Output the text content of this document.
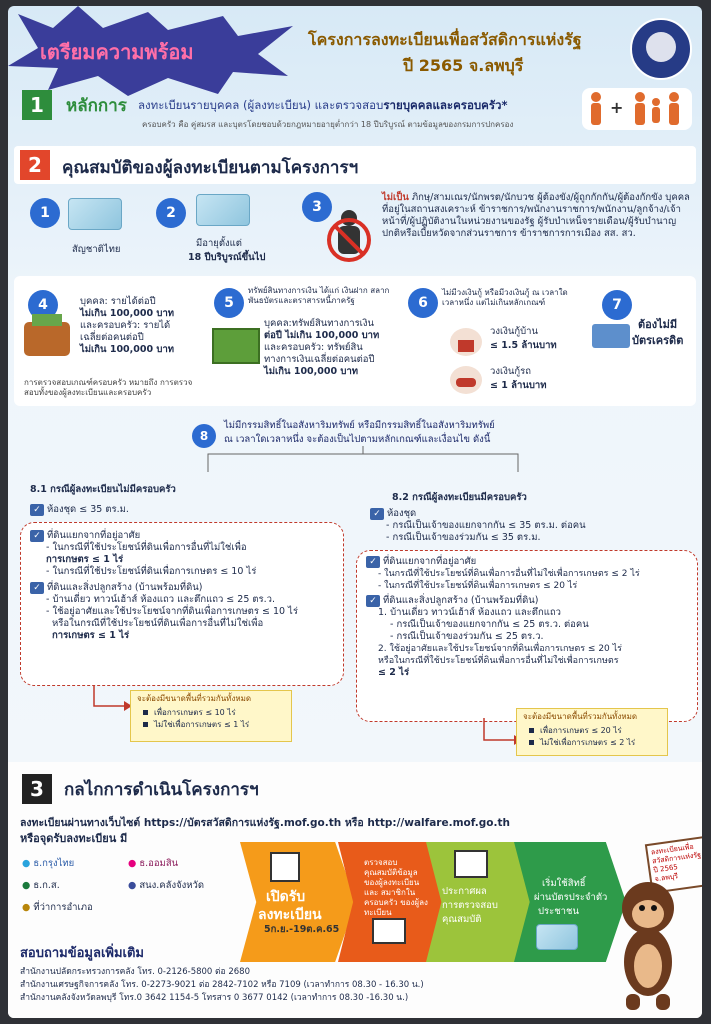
เตรียมความพร้อม
โครงการลงทะเบียนเพื่อสวัสดิการแห่งรัฐ
ปี 2565 จ.ลพบุรี
1	หลักการ ลงทะเบียนรายบุคคล (ผู้ลงทะเบียน) และตรวจสอบรายบุคคลและครอบครัว*
ครอบครัว คือ คู่สมรส และบุตรโดยชอบด้วยกฎหมายอายุต่ำกว่า 18 ปีบริบูรณ์ ตามข้อมูลของกรมการปกครอง
+
2	คุณสมบัติของผู้ลงทะเบียนตามโครงการฯ
1
สัญชาติไทย
2
มีอายุตั้งแต่
18 ปีบริบูรณ์ขึ้นไป
3
ไม่เป็น ภิกษุ/สามเณร/นักพรต/นักบวช ผู้ต้องขัง/ผู้ถูกกักกัน/ผู้ต้องกักขัง บุคคลที่อยู่ในสถานสงเคราะห์ ข้าราชการ/พนักงานราชการ/พนักงาน/ลูกจ้าง/เจ้าหน้าที่/ผู้ปฏิบัติงานในหน่วยงานของรัฐ ผู้รับบำเหน็จรายเดือน/ผู้รับบำนาญปกติหรือเบี้ยหวัดจากส่วนราชการ ข้าราชการการเมือง สส. สว.
4	บุคคล: รายได้ต่อปี
ไม่เกิน 100,000 บาท
และครอบครัว: รายได้
เฉลี่ยต่อคนต่อปี
ไม่เกิน 100,000 บาท
การตรวจสอบเกณฑ์ครอบครัว หมายถึง การตรวจสอบทั้งของผู้ลงทะเบียนและครอบครัว
5
ทรัพย์สินทางการเงิน ได้แก่ เงินฝาก สลาก พันธบัตรและตราสารหนี้ภาครัฐ
บุคคล:ทรัพย์สินทางการเงิน
ต่อปี ไม่เกิน 100,000 บาท
และครอบครัว: ทรัพย์สิน
ทางการเงินเฉลี่ยต่อคนต่อปี
ไม่เกิน 100,000 บาท
6
ไม่มีวงเงินกู้ หรือมีวงเงินกู้ ณ เวลาใดเวลาหนึ่ง แต่ไม่เกินหลักเกณฑ์
วงเงินกู้บ้าน
≤ 1.5 ล้านบาท
วงเงินกู้รถ
≤ 1 ล้านบาท
7
ต้องไม่มี
บัตรเครดิต
8
ไม่มีกรรมสิทธิ์ในอสังหาริมทรัพย์ หรือมีกรรมสิทธิ์ในอสังหาริมทรัพย์
ณ เวลาใดเวลาหนึ่ง จะต้องเป็นไปตามหลักเกณฑ์และเงื่อนไข ดังนี้
8.1 กรณีผู้ลงทะเบียนไม่มีครอบครัว
✓ ห้องชุด ≤ 35 ตร.ม.
✓ ที่ดินแยกจากที่อยู่อาศัย
- ในกรณีที่ใช้ประโยชน์ที่ดินเพื่อการอื่นที่ไม่ใช่เพื่อ
การเกษตร ≤ 1 ไร่
- ในกรณีที่ใช้ประโยชน์ที่ดินเพื่อการเกษตร ≤ 10 ไร่
✓ ที่ดินและสิ่งปลูกสร้าง (บ้านพร้อมที่ดิน)
- บ้านเดี่ยว ทาวน์เฮ้าส์ ห้องแถว และตึกแถว ≤ 25 ตร.ว.
- ใช้อยู่อาศัยและใช้ประโยชน์จากที่ดินเพื่อการเกษตร ≤ 10 ไร่
หรือในกรณีที่ใช้ประโยชน์ที่ดินเพื่อการอื่นที่ไม่ใช่เพื่อ
การเกษตร ≤ 1 ไร่
จะต้องมีขนาดพื้นที่รวมกันทั้งหมด
เพื่อการเกษตร ≤ 10 ไร่
ไม่ใช่เพื่อการเกษตร ≤ 1 ไร่
8.2 กรณีผู้ลงทะเบียนมีครอบครัว
✓ ห้องชุด
- กรณีเป็นเจ้าของแยกจากกัน ≤ 35 ตร.ม. ต่อคน
- กรณีเป็นเจ้าของร่วมกัน ≤ 35 ตร.ม.
✓ ที่ดินแยกจากที่อยู่อาศัย
- ในกรณีที่ใช้ประโยชน์ที่ดินเพื่อการอื่นที่ไม่ใช่เพื่อการเกษตร ≤ 2 ไร่
- ในกรณีที่ใช้ประโยชน์ที่ดินเพื่อการเกษตร ≤ 20 ไร่
✓ ที่ดินและสิ่งปลูกสร้าง (บ้านพร้อมที่ดิน)
1. บ้านเดี่ยว ทาวน์เฮ้าส์ ห้องแถว และตึกแถว
- กรณีเป็นเจ้าของแยกจากกัน ≤ 25 ตร.ว. ต่อคน
- กรณีเป็นเจ้าของร่วมกัน ≤ 25 ตร.ว.
2. ใช้อยู่อาศัยและใช้ประโยชน์จากที่ดินเพื่อการเกษตร ≤ 20 ไร่
หรือในกรณีที่ใช้ประโยชน์ที่ดินเพื่อการอื่นที่ไม่ใช่เพื่อการเกษตร
≤ 2 ไร่
จะต้องมีขนาดพื้นที่รวมกันทั้งหมด
เพื่อการเกษตร ≤ 20 ไร่
ไม่ใช่เพื่อการเกษตร ≤ 2 ไร่
3	กลไกการดำเนินโครงการฯ
ลงทะเบียนผ่านทางเว็บไซต์ https://บัตรสวัสดิการแห่งรัฐ.mof.go.th หรือ http://walfare.mof.go.th
หรือจุดรับลงทะเบียน มี
● ธ.กรุงไทย	● ธ.ออมสิน
● ธ.ก.ส.	● สนง.คลังจังหวัด
● ที่ว่าการอำเภอ
เปิดรับ
ลงทะเบียน
5ก.ย.-19ต.ค.65
ตรวจสอบ คุณสมบัติข้อมูล ของผู้ลงทะเบียนและ สมาชิกในครอบครัว ของผู้ลงทะเบียน
ประกาศผล
การตรวจสอบ
คุณสมบัติ
เริ่มใช้สิทธิ์
ผ่านบัตรประจำตัว
ประชาชน
ลงทะเบียนเพื่อ สวัสดิการแห่งรัฐ ปี 2565 จ.ลพบุรี
สอบถามข้อมูลเพิ่มเติม
สำนักงานปลัดกระทรวงการคลัง โทร. 0-2126-5800 ต่อ 2680
สำนักงานเศรษฐกิจการคลัง โทร. 0-2273-9021 ต่อ 2842-7102 หรือ 7109 (เวลาทำการ 08.30 - 16.30 น.)
สำนักงานคลังจังหวัดลพบุรี โทร.0 3642 1154-5 โทรสาร 0 3677 0142 (เวลาทำการ 08.30 -16.30 น.)
